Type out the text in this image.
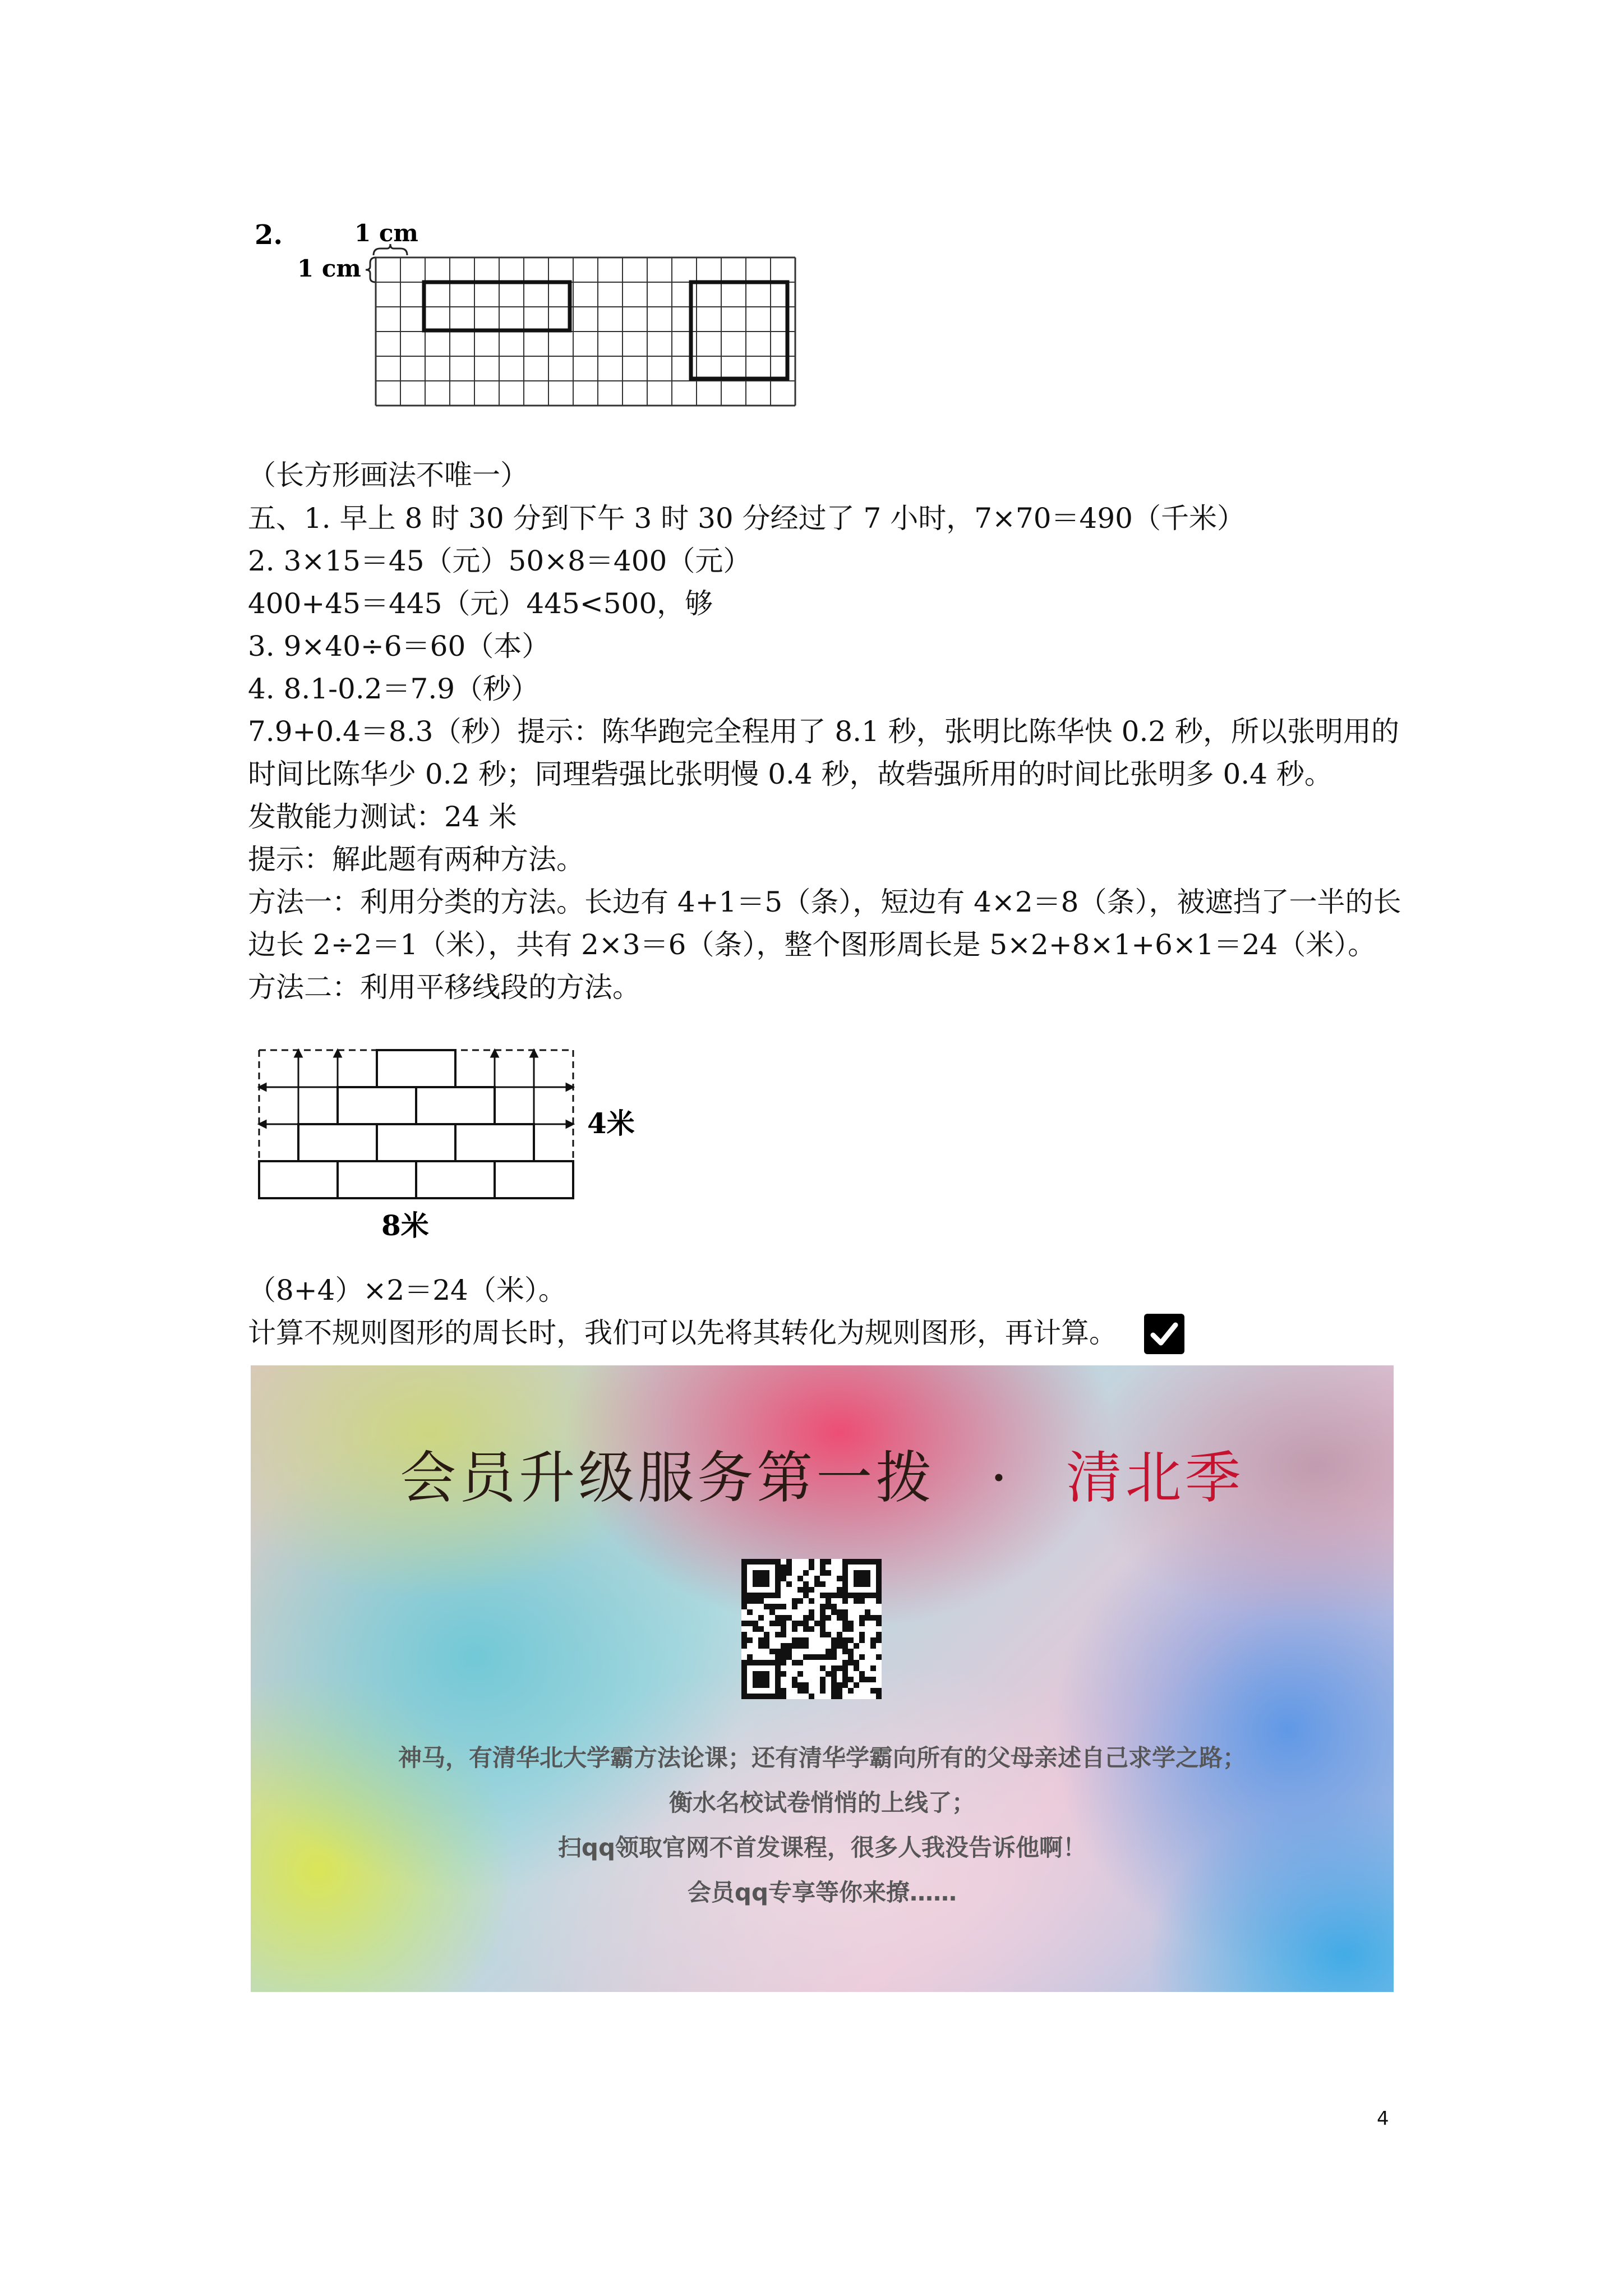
2.	1 cm
1 cm
（长方形画法不唯一）
五、1. 早上 8 时 30 分到下午 3 时 30 分经过了 7 小时，7×70＝490（千米）
2. 3×15＝45（元）50×8＝400（元）
400+45＝445（元）445<500，够
3. 9×40÷6＝60（本）
4. 8.1-0.2＝7.9（秒）
7.9+0.4＝8.3（秒）提示：陈华跑完全程用了 8.1 秒，张明比陈华快 0.2 秒，所以张明用的
时间比陈华少 0.2 秒；同理砦强比张明慢 0.4 秒，故砦强所用的时间比张明多 0.4 秒。
发散能力测试：24 米
提示：解此题有两种方法。
方法一：利用分类的方法。长边有 4+1＝5（条），短边有 4×2＝8（条），被遮挡了一半的长
边长 2÷2＝1（米），共有 2×3＝6（条），整个图形周长是 5×2+8×1+6×1＝24（米）。
方法二：利用平移线段的方法。
4米
8米
（8+4）×2＝24（米）。
计算不规则图形的周长时，我们可以先将其转化为规则图形，再计算。
会员升级服务第一拨 · 清北季
神马，有清华北大学霸方法论课；还有清华学霸向所有的父母亲述自己求学之路；
衡水名校试卷悄悄的上线了；
扫qq领取官网不首发课程，很多人我没告诉他啊！
会员qq专享等你来撩……
4
